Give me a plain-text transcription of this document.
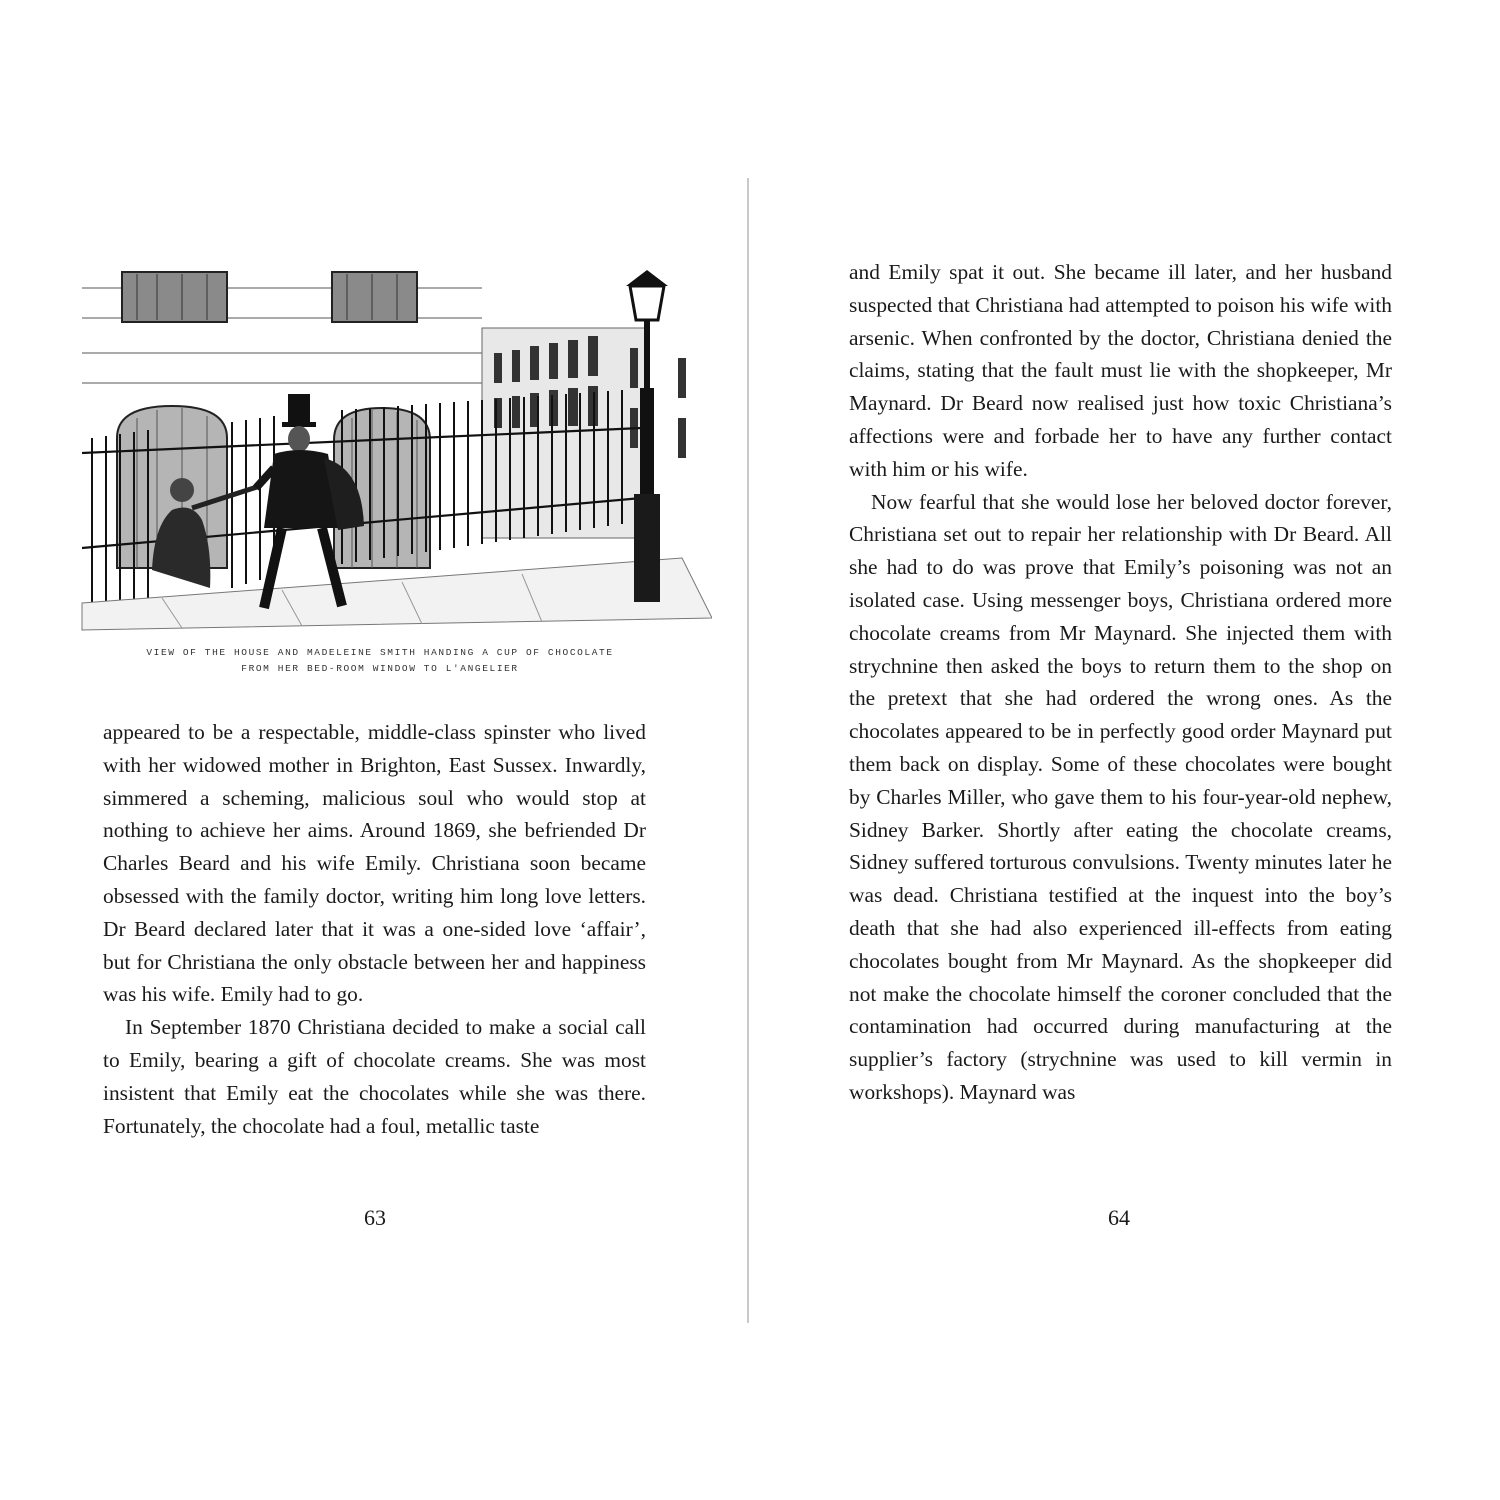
VIEW OF THE HOUSE AND MADELEINE SMITH HANDING A CUP OF CHOCOLATE
FROM HER BED-ROOM WINDOW TO L'ANGELIER

appeared to be a respectable, middle-class spinster who lived with her widowed mother in Brighton, East Sussex. Inwardly, simmered a scheming, malicious soul who would stop at nothing to achieve her aims. Around 1869, she befriended Dr Charles Beard and his wife Emily. Christiana soon became obsessed with the family doctor, writing him long love letters. Dr Beard declared later that it was a one-sided love ‘affair’, but for Christiana the only obstacle between her and happiness was his wife. Emily had to go.

In September 1870 Christiana decided to make a social call to Emily, bearing a gift of chocolate creams. She was most insistent that Emily eat the chocolates while she was there. Fortunately, the chocolate had a foul, metallic taste

63

and Emily spat it out. She became ill later, and her husband suspected that Christiana had attempted to poison his wife with arsenic. When confronted by the doctor, Christiana denied the claims, stating that the fault must lie with the shopkeeper, Mr Maynard. Dr Beard now realised just how toxic Christiana’s affections were and forbade her to have any further contact with him or his wife.

Now fearful that she would lose her beloved doctor forever, Christiana set out to repair her relationship with Dr Beard. All she had to do was prove that Emily’s poisoning was not an isolated case. Using messenger boys, Christiana ordered more chocolate creams from Mr Maynard. She injected them with strychnine then asked the boys to return them to the shop on the pretext that she had ordered the wrong ones. As the chocolates appeared to be in perfectly good order Maynard put them back on display. Some of these chocolates were bought by Charles Miller, who gave them to his four-year-old nephew, Sidney Barker. Shortly after eating the chocolate creams, Sidney suffered torturous convulsions. Twenty minutes later he was dead. Christiana testified at the inquest into the boy’s death that she had also experienced ill-effects from eating chocolates bought from Mr Maynard. As the shopkeeper did not make the chocolate himself the coroner concluded that the contamination had occurred during manufacturing at the supplier’s factory (strychnine was used to kill vermin in workshops). Maynard was

64
